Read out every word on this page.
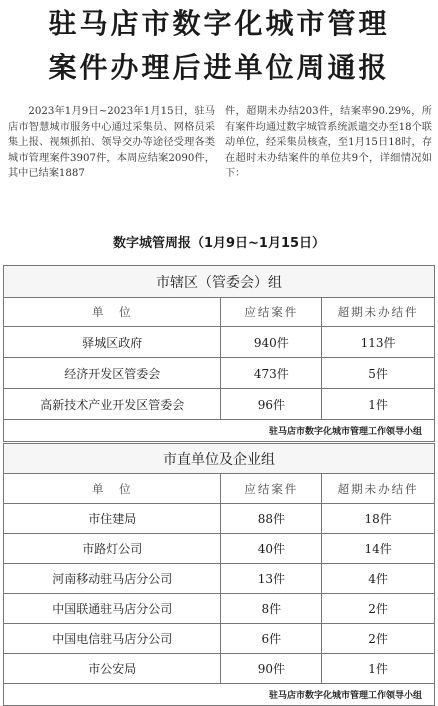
驻马店市数字化城市管理
案件办理后进单位周通报
2023年1月9日~2023年1月15日，驻马店市智慧城市服务中心通过采集员、网格员采集上报、视频抓拍、领导交办等途径受理各类城市管理案件3907件，本周应结案2090件，其中已结案1887
件，超期未办结203件，结案率90.29%，所有案件均通过数字城管系统派遣交办至18个联动单位，经采集员核查，至1月15日18时，存在超时未办结案件的单位共9个，详细情况如下：
数字城管周报（1月9日~1月15日）
市辖区（管委会）组		
单　位	应结案件	超期未办结件
驿城区政府	940件	113件
经济开发区管委会	473件	5件
高新技术产业开发区管委会	96件	1件
驻马店市数字化城市管理工作领导小组		
市直单位及企业组		
单　位	应结案件	超期未办结件
市住建局	88件	18件
市路灯公司	40件	14件
河南移动驻马店分公司	13件	4件
中国联通驻马店分公司	8件	2件
中国电信驻马店分公司	6件	2件
市公安局	90件	1件
驻马店市数字化城市管理工作领导小组		
